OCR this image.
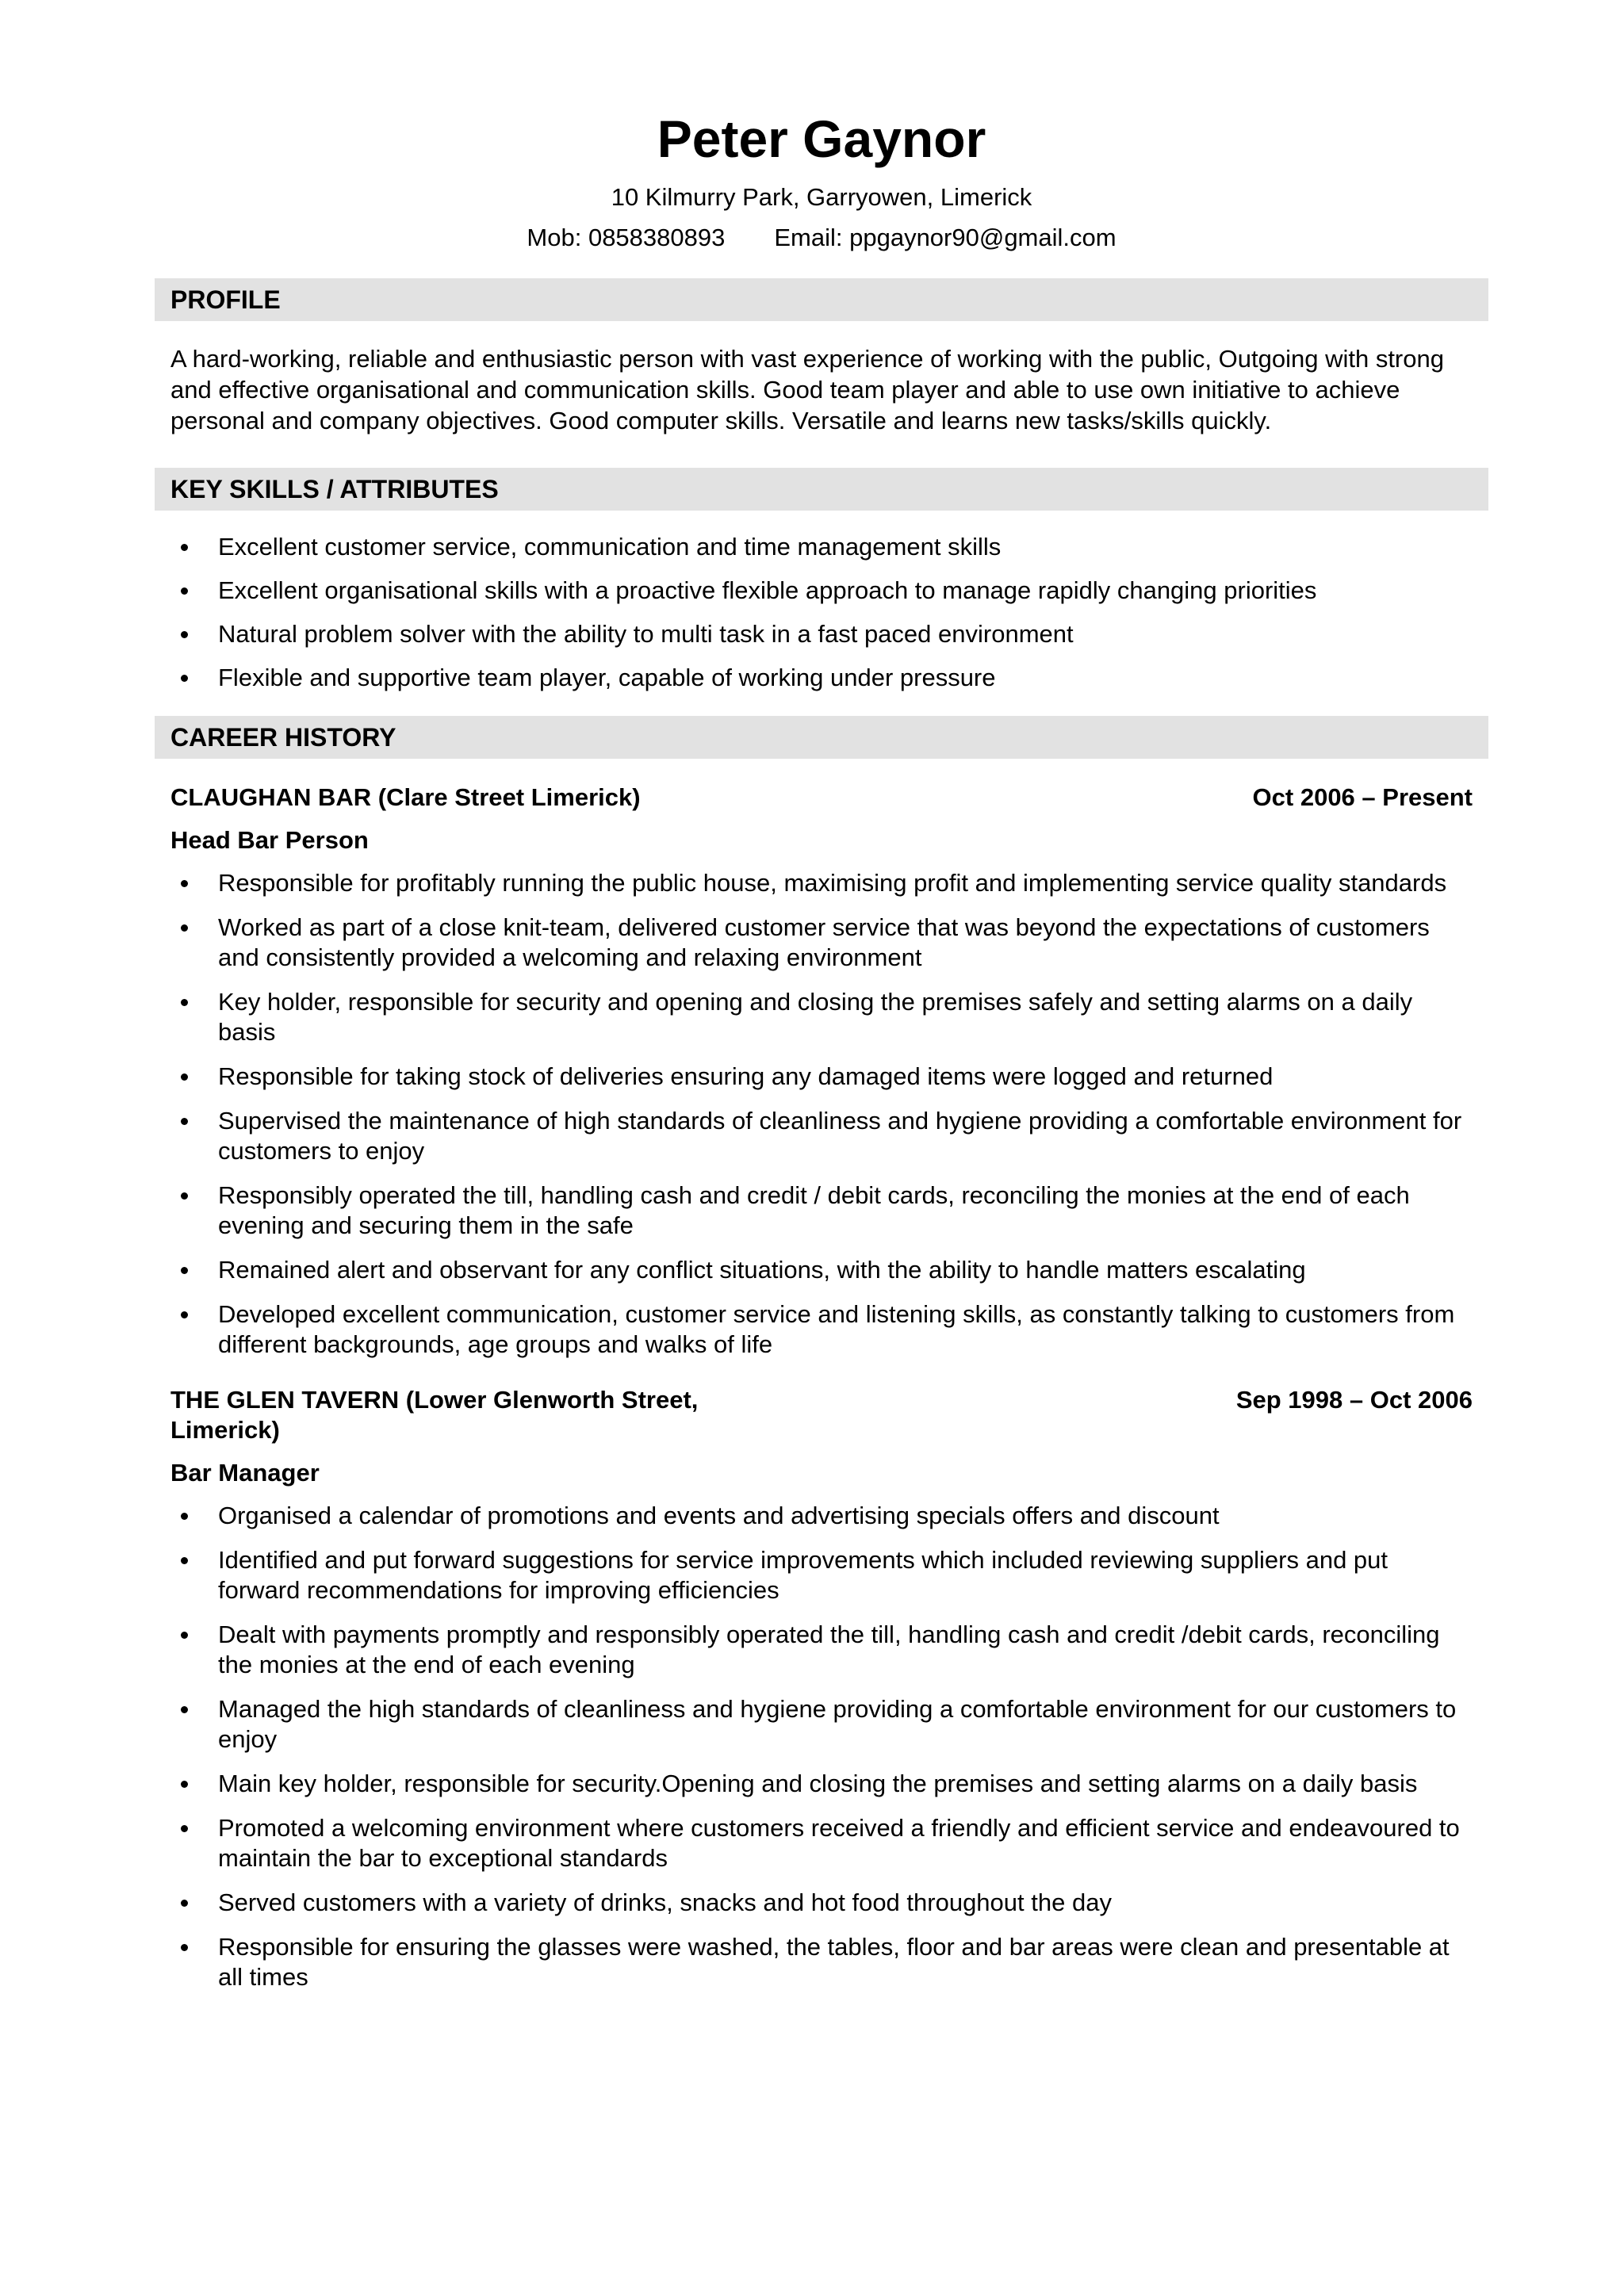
Peter Gaynor
10 Kilmurry Park, Garryowen, Limerick
Mob: 0858380893 Email: ppgaynor90@gmail.com
PROFILE
A hard-working, reliable and enthusiastic person with vast experience of working with the public, Outgoing with strong and effective organisational and communication skills. Good team player and able to use own initiative to achieve personal and company objectives. Good computer skills. Versatile and learns new tasks/skills quickly.
KEY SKILLS / ATTRIBUTES
Excellent customer service, communication and time management skills
Excellent organisational skills with a proactive flexible approach to manage rapidly changing priorities
Natural problem solver with the ability to multi task in a fast paced environment
Flexible and supportive team player, capable of working under pressure
CAREER HISTORY
CLAUGHAN BAR (Clare Street Limerick)	Oct 2006 – Present
Head Bar Person
Responsible for profitably running the public house, maximising profit and implementing service quality standards
Worked as part of a close knit-team, delivered customer service that was beyond the expectations of customers and consistently provided a welcoming and relaxing environment
Key holder, responsible for security and opening and closing the premises safely and setting alarms on a daily basis
Responsible for taking stock of deliveries ensuring any damaged items were logged and returned
Supervised the maintenance of high standards of cleanliness and hygiene providing a comfortable environment for customers to enjoy
Responsibly operated the till, handling cash and credit / debit cards, reconciling the monies at the end of each evening and securing them in the safe
Remained alert and observant for any conflict situations, with the ability to handle matters escalating
Developed excellent communication, customer service and listening skills, as constantly talking to customers from different backgrounds, age groups and walks of life
THE GLEN TAVERN (Lower Glenworth Street, Limerick)
Sep 1998 – Oct 2006
Bar Manager
Organised a calendar of promotions and events and advertising specials offers and discount
Identified and put forward suggestions for service improvements which included reviewing suppliers and put forward recommendations for improving efficiencies
Dealt with payments promptly and responsibly operated the till, handling cash and credit /debit cards, reconciling the monies at the end of each evening
Managed the high standards of cleanliness and hygiene providing a comfortable environment for our customers to enjoy
Main key holder, responsible for security.Opening and closing the premises and setting alarms on a daily basis
Promoted a welcoming environment where customers received a friendly and efficient service and endeavoured to maintain the bar to exceptional standards
Served customers with a variety of drinks, snacks and hot food throughout the day
Responsible for ensuring the glasses were washed, the tables, floor and bar areas were clean and presentable at all times
